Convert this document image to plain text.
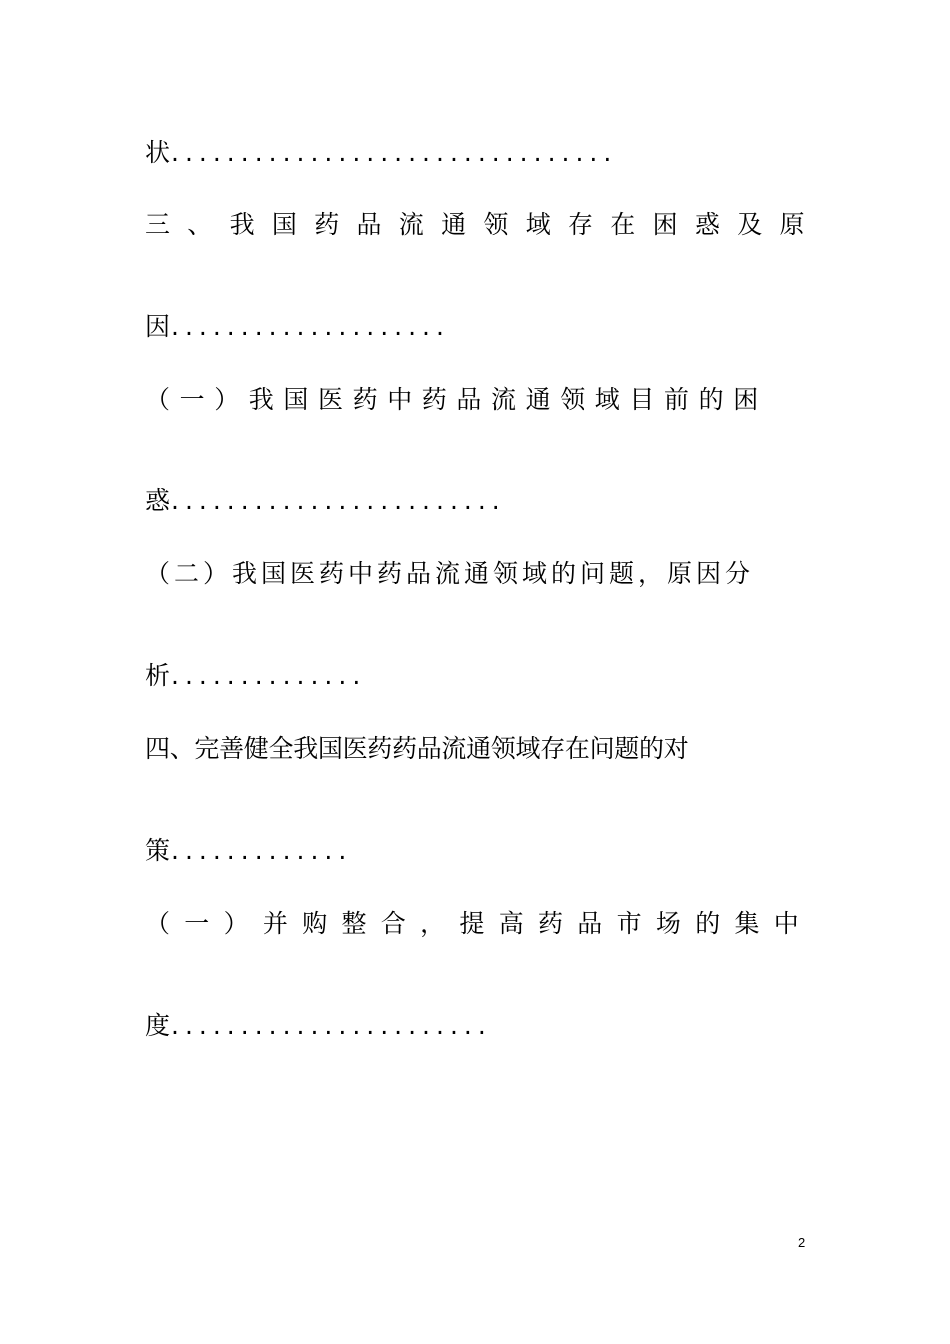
状................................

三、我国药品流通领域存在困惑及原

因....................

（一）我国医药中药品流通领域目前的困

惑........................

（二）我国医药中药品流通领域的问题，原因分

析..............

四、完善健全我国医药药品流通领域存在问题的对

策.............

（一）并购整合，提高药品市场的集中

度.......................

2
